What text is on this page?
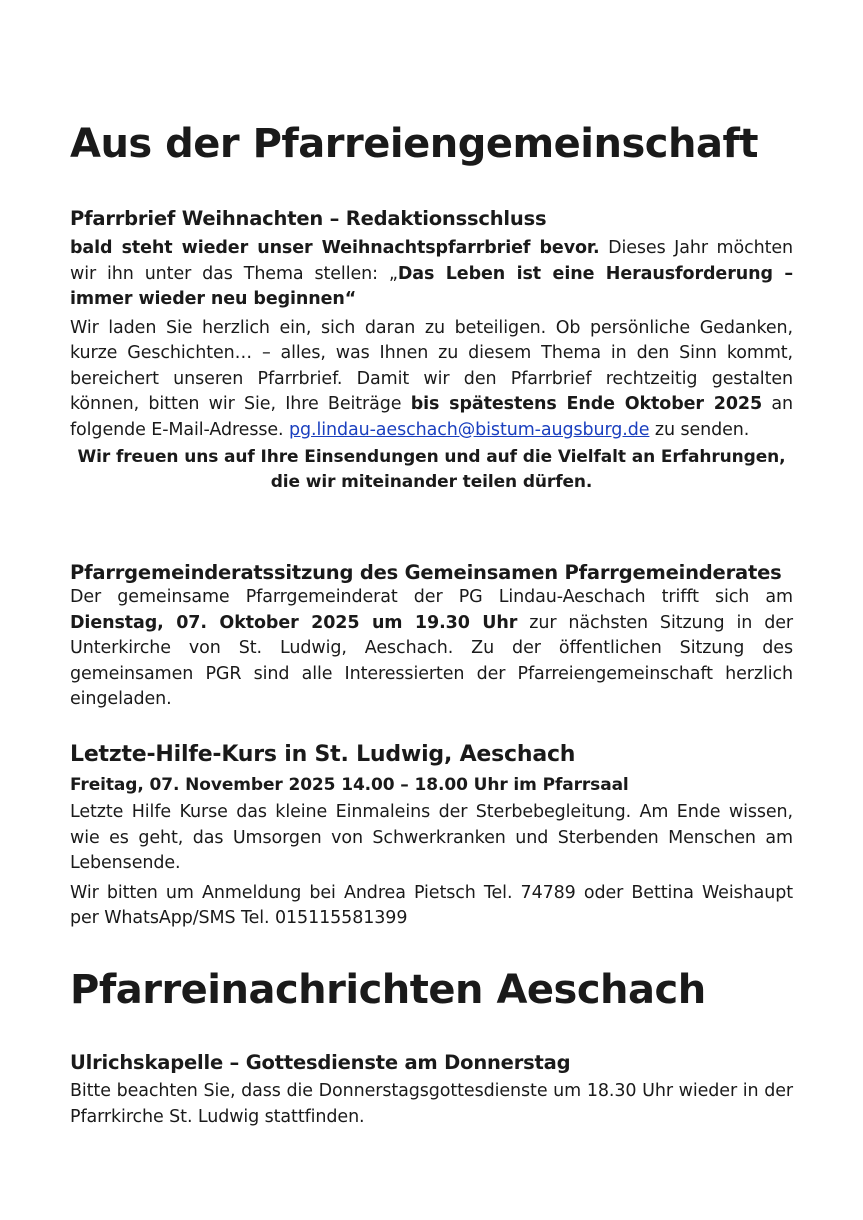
Aus der Pfarreiengemeinschaft
Pfarrbrief Weihnachten – Redaktionsschluss

bald steht wieder unser Weihnachtspfarrbrief bevor. Dieses Jahr möchten wir ihn unter das Thema stellen: „Das Leben ist eine Herausforderung – immer wieder neu beginnen“

Wir laden Sie herzlich ein, sich daran zu beteiligen. Ob persönliche Gedanken, kurze Geschichten… – alles, was Ihnen zu diesem Thema in den Sinn kommt, bereichert unseren Pfarrbrief. Damit wir den Pfarrbrief rechtzeitig gestalten können, bitten wir Sie, Ihre Beiträge bis spätestens Ende Oktober 2025 an folgende E-Mail-Adresse. pg.lindau-aeschach@bistum-augsburg.de zu senden.

Wir freuen uns auf Ihre Einsendungen und auf die Vielfalt an Erfahrungen, die wir miteinander teilen dürfen.

Pfarrgemeinderatssitzung des Gemeinsamen Pfarrgemeinderates

Der gemeinsame Pfarrgemeinderat der PG Lindau-Aeschach trifft sich am Dienstag, 07. Oktober 2025 um 19.30 Uhr zur nächsten Sitzung in der Unterkirche von St. Ludwig, Aeschach. Zu der öffentlichen Sitzung des gemeinsamen PGR sind alle Interessierten der Pfarreiengemeinschaft herzlich eingeladen.

Letzte-Hilfe-Kurs in St. Ludwig, Aeschach

Freitag, 07. November 2025 14.00 – 18.00 Uhr im Pfarrsaal

Letzte Hilfe Kurse das kleine Einmaleins der Sterbebegleitung. Am Ende wissen, wie es geht, das Umsorgen von Schwerkranken und Sterbenden Menschen am Lebensende.

Wir bitten um Anmeldung bei Andrea Pietsch Tel. 74789 oder Bettina Weishaupt per WhatsApp/SMS Tel. 015115581399

Pfarreinachrichten Aeschach
Ulrichskapelle – Gottesdienste am Donnerstag

Bitte beachten Sie, dass die Donnerstagsgottesdienste um 18.30 Uhr wieder in der Pfarrkirche St. Ludwig stattfinden.
